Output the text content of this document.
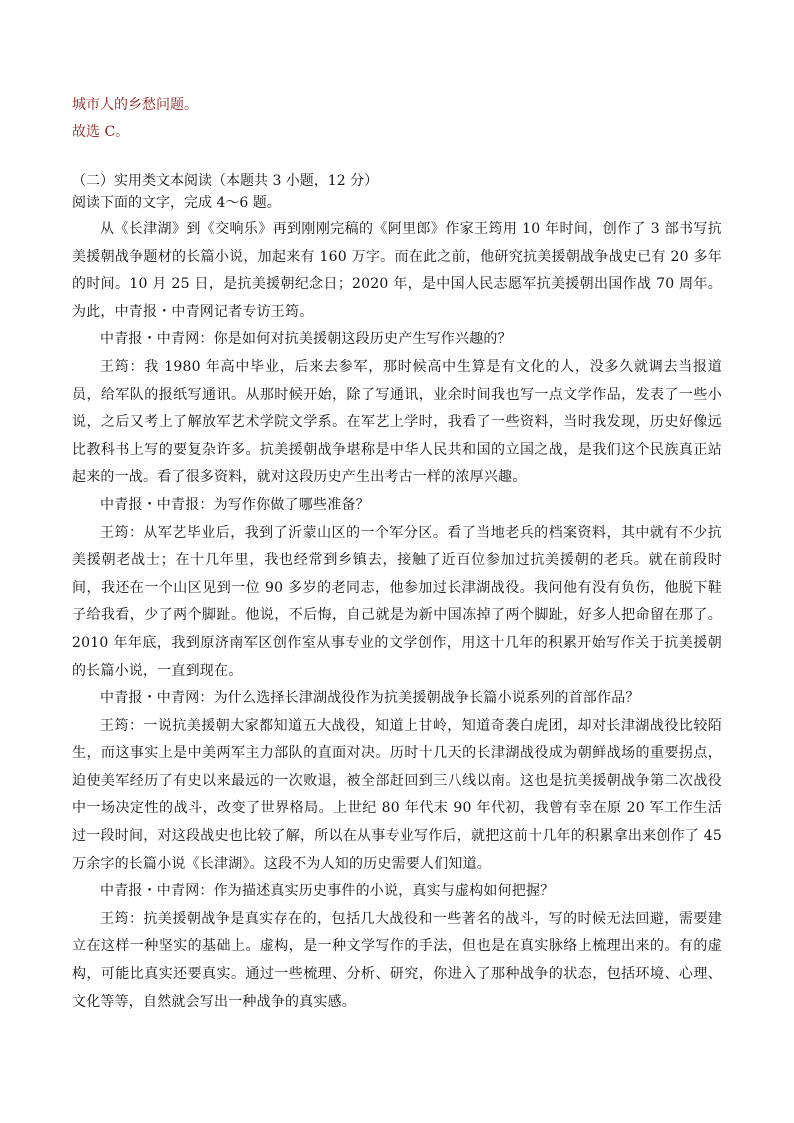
城市人的乡愁问题。
故选 C。
（二）实用类文本阅读（本题共 3 小题，12 分）
阅读下面的文字，完成 4～6 题。

从《长津湖》到《交响乐》再到刚刚完稿的《阿里郎》作家王筠用 10 年时间，创作了 3 部书写抗美援朝战争题材的长篇小说，加起来有 160 万字。而在此之前，他研究抗美援朝战争战史已有 20 多年的时间。10 月 25 日，是抗美援朝纪念日；2020 年，是中国人民志愿军抗美援朝出国作战 70 周年。为此，中青报・中青网记者专访王筠。

中青报・中青网：你是如何对抗美援朝这段历史产生写作兴趣的？

王筠：我 1980 年高中毕业，后来去参军，那时候高中生算是有文化的人，没多久就调去当报道员，给军队的报纸写通讯。从那时候开始，除了写通讯，业余时间我也写一点文学作品，发表了一些小说，之后又考上了解放军艺术学院文学系。在军艺上学时，我看了一些资料，当时我发现，历史好像远比教科书上写的要复杂许多。抗美援朝战争堪称是中华人民共和国的立国之战，是我们这个民族真正站起来的一战。看了很多资料，就对这段历史产生出考古一样的浓厚兴趣。

中青报・中青报：为写作你做了哪些准备？

王筠：从军艺毕业后，我到了沂蒙山区的一个军分区。看了当地老兵的档案资料，其中就有不少抗美援朝老战士；在十几年里，我也经常到乡镇去，接触了近百位参加过抗美援朝的老兵。就在前段时间，我还在一个山区见到一位 90 多岁的老同志，他参加过长津湖战役。我问他有没有负伤，他脱下鞋子给我看，少了两个脚趾。他说，不后悔，自己就是为新中国冻掉了两个脚趾，好多人把命留在那了。2010 年年底，我到原济南军区创作室从事专业的文学创作，用这十几年的积累开始写作关于抗美援朝的长篇小说，一直到现在。

中青报・中青网：为什么选择长津湖战役作为抗美援朝战争长篇小说系列的首部作品？

王筠：一说抗美援朝大家都知道五大战役，知道上甘岭，知道奇袭白虎团，却对长津湖战役比较陌生，而这事实上是中美两军主力部队的直面对决。历时十几天的长津湖战役成为朝鲜战场的重要拐点，迫使美军经历了有史以来最远的一次败退，被全部赶回到三八线以南。这也是抗美援朝战争第二次战役中一场决定性的战斗，改变了世界格局。上世纪 80 年代末 90 年代初，我曾有幸在原 20 军工作生活过一段时间，对这段战史也比较了解，所以在从事专业写作后，就把这前十几年的积累拿出来创作了 45 万余字的长篇小说《长津湖》。这段不为人知的历史需要人们知道。

中青报・中青网：作为描述真实历史事件的小说，真实与虚构如何把握？

王筠：抗美援朝战争是真实存在的，包括几大战役和一些著名的战斗，写的时候无法回避，需要建立在这样一种坚实的基础上。虚构，是一种文学写作的手法，但也是在真实脉络上梳理出来的。有的虚构，可能比真实还要真实。通过一些梳理、分析、研究，你进入了那种战争的状态，包括环境、心理、文化等等，自然就会写出一种战争的真实感。
